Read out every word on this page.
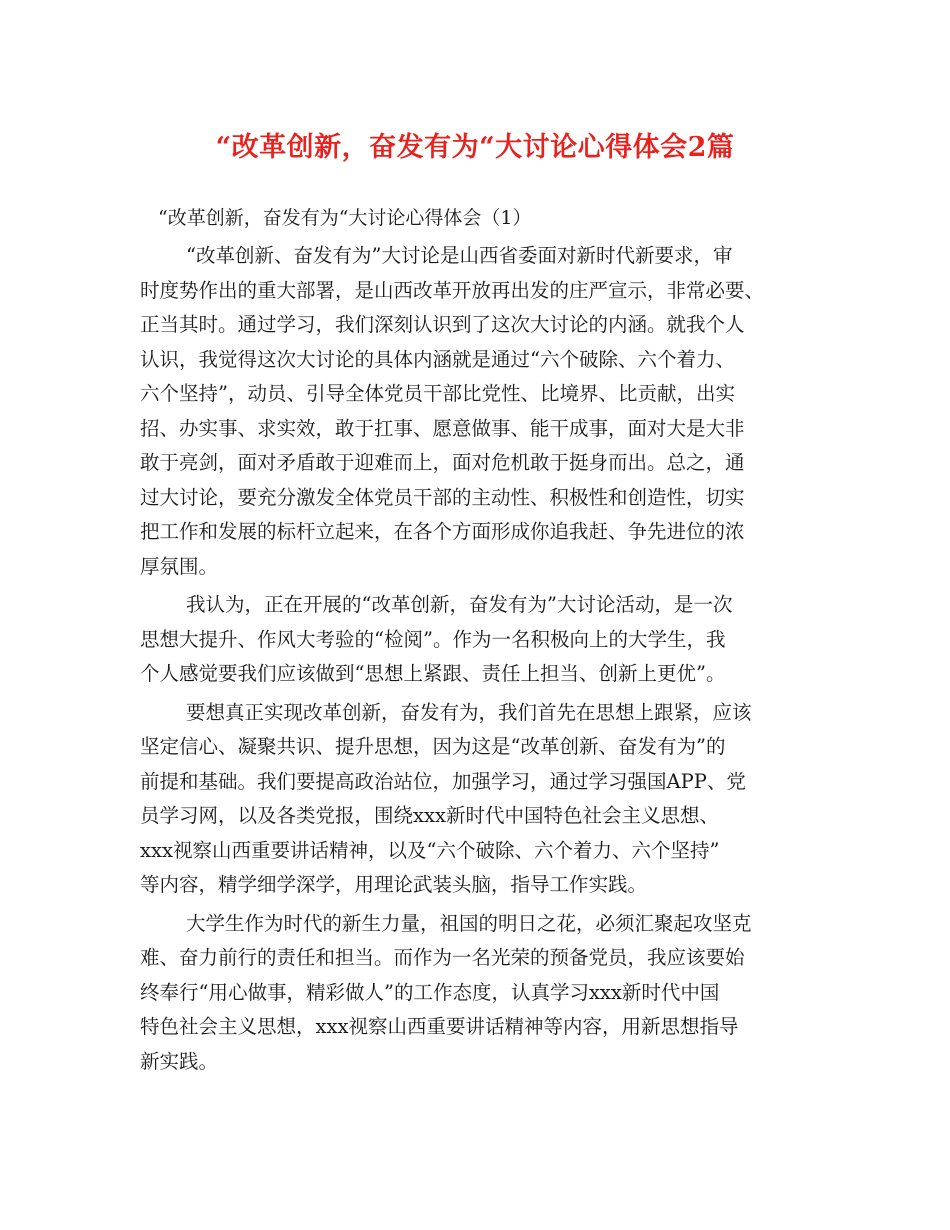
“改革创新，奋发有为“大讨论心得体会2篇
“改革创新，奋发有为“大讨论心得体会（1）
“改革创新、奋发有为”大讨论是山西省委面对新时代新要求，审
时度势作出的重大部署，是山西改革开放再出发的庄严宣示，非常必要、
正当其时。通过学习，我们深刻认识到了这次大讨论的内涵。就我个人
认识，我觉得这次大讨论的具体内涵就是通过“六个破除、六个着力、
六个坚持”，动员、引导全体党员干部比党性、比境界、比贡献，出实
招、办实事、求实效，敢于扛事、愿意做事、能干成事，面对大是大非
敢于亮剑，面对矛盾敢于迎难而上，面对危机敢于挺身而出。总之，通
过大讨论，要充分激发全体党员干部的主动性、积极性和创造性，切实
把工作和发展的标杆立起来，在各个方面形成你追我赶、争先进位的浓
厚氛围。
我认为，正在开展的“改革创新，奋发有为”大讨论活动，是一次
思想大提升、作风大考验的“检阅”。作为一名积极向上的大学生，我
个人感觉要我们应该做到“思想上紧跟、责任上担当、创新上更优”。
要想真正实现改革创新，奋发有为，我们首先在思想上跟紧，应该
坚定信心、凝聚共识、提升思想，因为这是“改革创新、奋发有为”的
前提和基础。我们要提高政治站位，加强学习，通过学习强国APP、党
员学习网，以及各类党报，围绕xxx新时代中国特色社会主义思想、
xxx视察山西重要讲话精神，以及“六个破除、六个着力、六个坚持”
等内容，精学细学深学，用理论武装头脑，指导工作实践。
大学生作为时代的新生力量，祖国的明日之花，必须汇聚起攻坚克
难、奋力前行的责任和担当。而作为一名光荣的预备党员，我应该要始
终奉行“用心做事，精彩做人”的工作态度，认真学习xxx新时代中国
特色社会主义思想，xxx视察山西重要讲话精神等内容，用新思想指导
新实践。
